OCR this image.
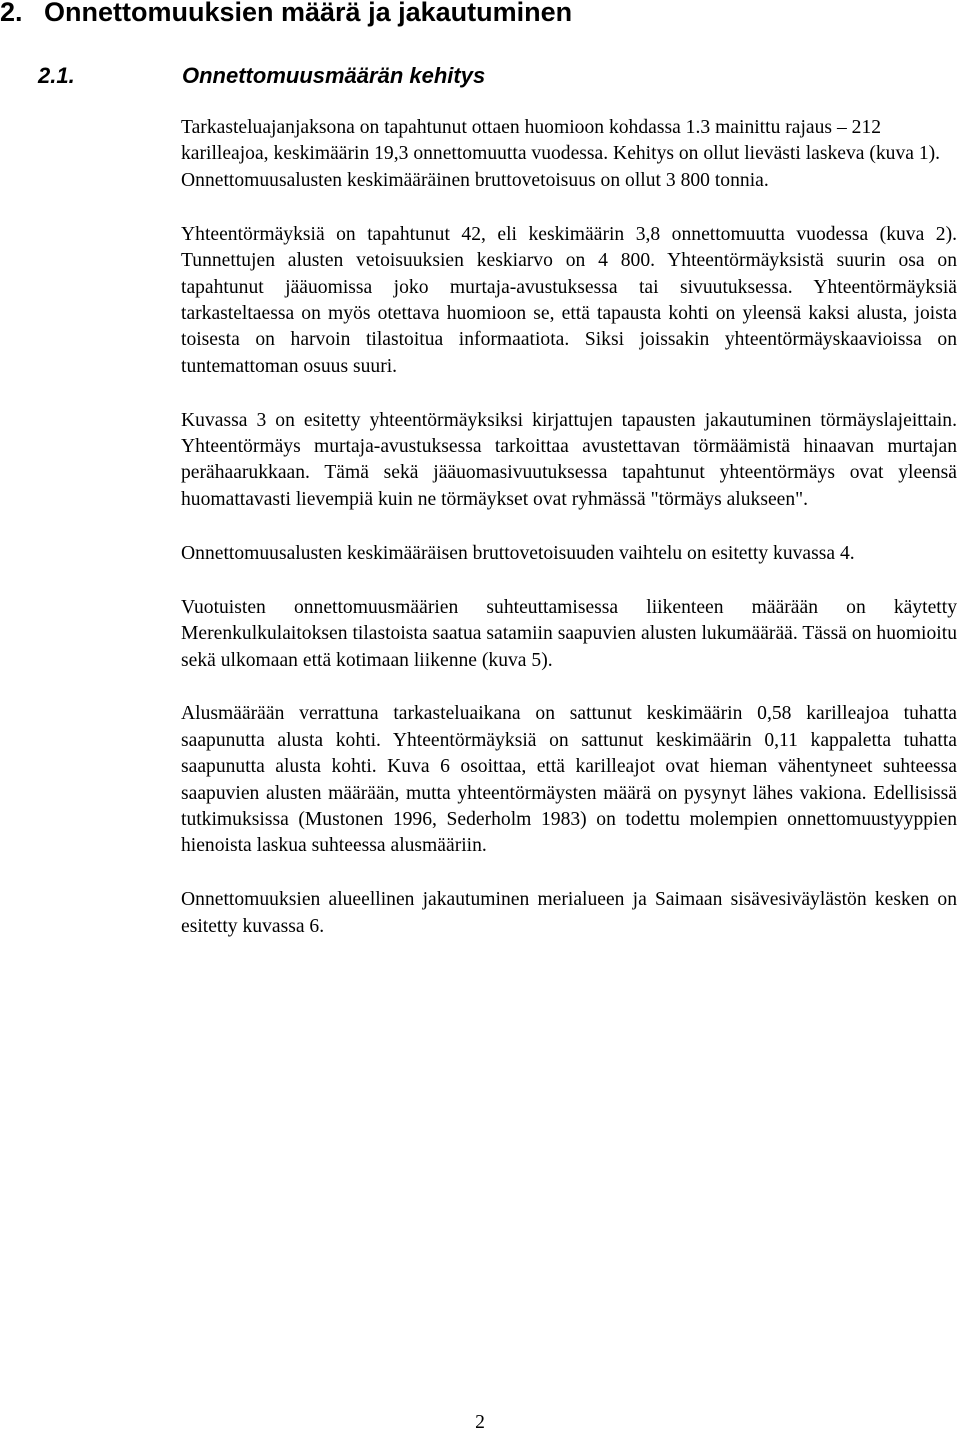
2. Onnettomuuksien määrä ja jakautuminen
2.1.	Onnettomuusmäärän kehitys

Tarkasteluajanjaksona on tapahtunut ottaen huomioon kohdassa 1.3 mainittu rajaus – 212 karilleajoa, keskimäärin 19,3 onnettomuutta vuodessa. Kehitys on ollut lievästi laskeva (kuva 1). Onnettomuusalusten keskimääräinen bruttovetoisuus on ollut 3 800 tonnia.

Yhteentörmäyksiä on tapahtunut 42, eli keskimäärin 3,8 onnettomuutta vuodessa (kuva 2). Tunnettujen alusten vetoisuuksien keskiarvo on 4 800. Yhteentörmäyksistä suurin osa on tapahtunut jääuomissa joko murtaja-avustuksessa tai sivuutuksessa. Yhteentörmäyksiä tarkasteltaessa on myös otettava huomioon se, että tapausta kohti on yleensä kaksi alusta, joista toisesta on harvoin tilastoitua informaatiota. Siksi joissakin yhteentörmäyskaavioissa on tuntemattoman osuus suuri.

Kuvassa 3 on esitetty yhteentörmäyksiksi kirjattujen tapausten jakautuminen törmäyslajeittain. Yhteentörmäys murtaja-avustuksessa tarkoittaa avustettavan törmäämistä hinaavan murtajan perähaarukkaan. Tämä sekä jääuomasivuutuksessa tapahtunut yhteentörmäys ovat yleensä huomattavasti lievempiä kuin ne törmäykset ovat ryhmässä "törmäys alukseen".

Onnettomuusalusten keskimääräisen bruttovetoisuuden vaihtelu on esitetty kuvassa 4.

Vuotuisten onnettomuusmäärien suhteuttamisessa liikenteen määrään on käytetty Merenkulkulaitoksen tilastoista saatua satamiin saapuvien alusten lukumäärää. Tässä on huomioitu sekä ulkomaan että kotimaan liikenne (kuva 5).

Alusmäärään verrattuna tarkasteluaikana on sattunut keskimäärin 0,58 karilleajoa tuhatta saapunutta alusta kohti. Yhteentörmäyksiä on sattunut keskimäärin 0,11 kappaletta tuhatta saapunutta alusta kohti. Kuva 6 osoittaa, että karilleajot ovat hieman vähentyneet suhteessa saapuvien alusten määrään, mutta yhteentörmäysten määrä on pysynyt lähes vakiona. Edellisissä tutkimuksissa (Mustonen 1996, Sederholm 1983) on todettu molempien onnettomuustyyppien hienoista laskua suhteessa alusmääriin.

Onnettomuuksien alueellinen jakautuminen merialueen ja Saimaan sisävesiväylästön kesken on esitetty kuvassa 6.

2
